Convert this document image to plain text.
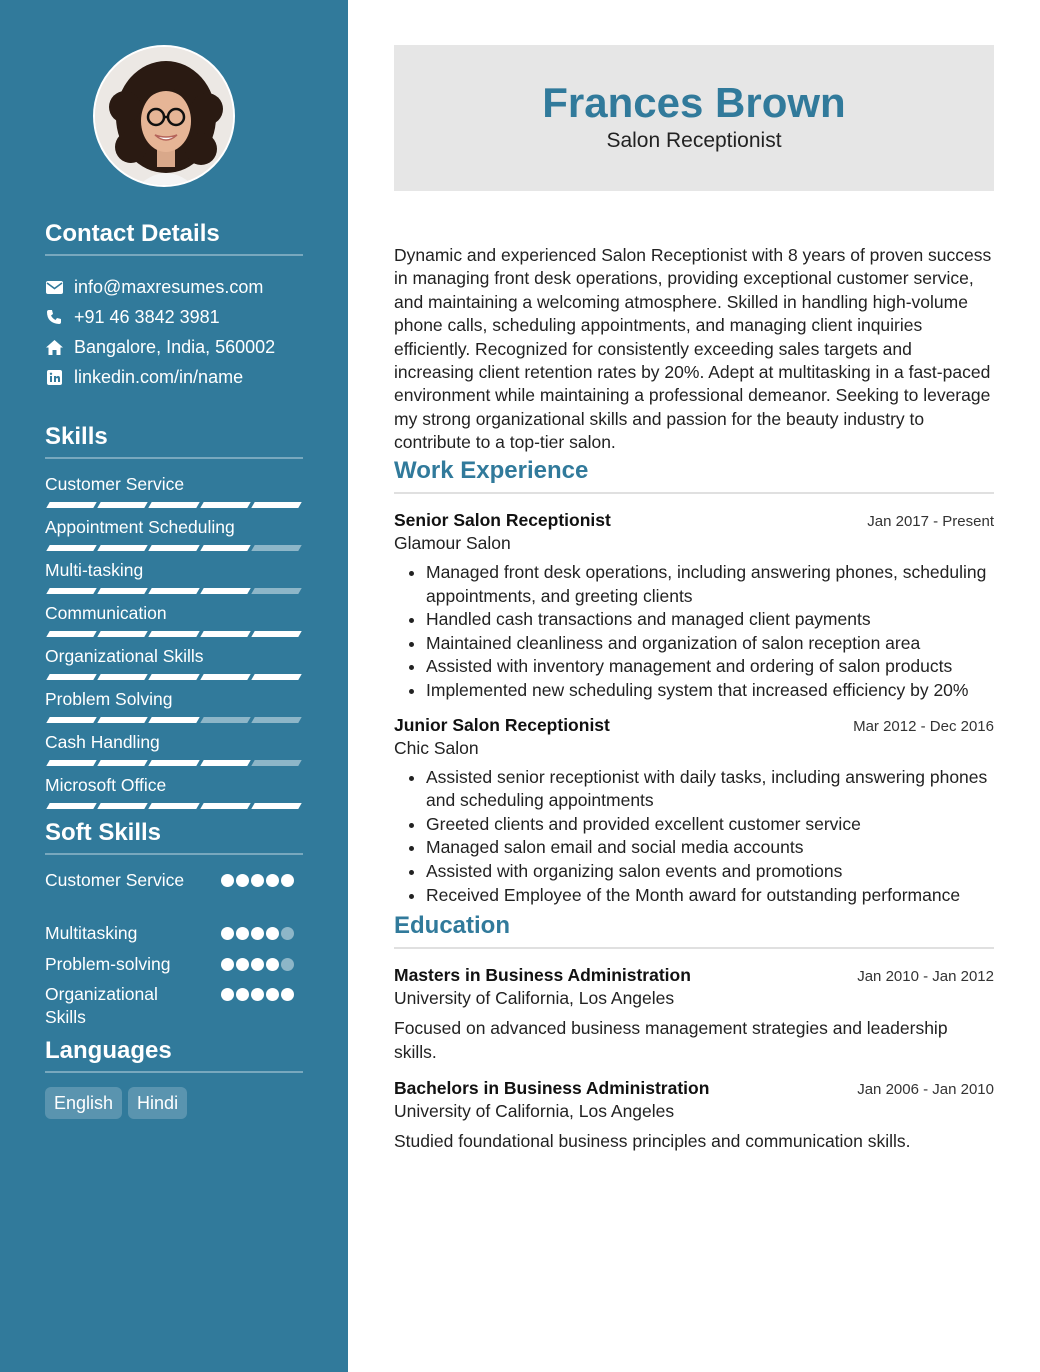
Contact Details
info@maxresumes.com
+91 46 3842 3981
Bangalore, India, 560002
linkedin.com/in/name
Skills
Customer Service
Appointment Scheduling
Multi-tasking
Communication
Organizational Skills
Problem Solving
Cash Handling
Microsoft Office
Soft Skills
Customer Service
Multitasking
Problem-solving
Organizational Skills
Languages
English	Hindi
Frances Brown
Salon Receptionist
Dynamic and experienced Salon Receptionist with 8 years of proven success in managing front desk operations, providing exceptional customer service, and maintaining a welcoming atmosphere. Skilled in handling high-volume phone calls, scheduling appointments, and managing client inquiries efficiently. Recognized for consistently exceeding sales targets and increasing client retention rates by 20%. Adept at multitasking in a fast-paced environment while maintaining a professional demeanor. Seeking to leverage my strong organizational skills and passion for the beauty industry to contribute to a top-tier salon.
Work Experience
Senior Salon Receptionist	Jan 2017 - Present
Glamour Salon
• Managed front desk operations, including answering phones, scheduling appointments, and greeting clients
• Handled cash transactions and managed client payments
• Maintained cleanliness and organization of salon reception area
• Assisted with inventory management and ordering of salon products
• Implemented new scheduling system that increased efficiency by 20%
Junior Salon Receptionist	Mar 2012 - Dec 2016
Chic Salon
• Assisted senior receptionist with daily tasks, including answering phones and scheduling appointments
• Greeted clients and provided excellent customer service
• Managed salon email and social media accounts
• Assisted with organizing salon events and promotions
• Received Employee of the Month award for outstanding performance
Education
Masters in Business Administration	Jan 2010 - Jan 2012
University of California, Los Angeles
Focused on advanced business management strategies and leadership skills.
Bachelors in Business Administration	Jan 2006 - Jan 2010
University of California, Los Angeles
Studied foundational business principles and communication skills.
